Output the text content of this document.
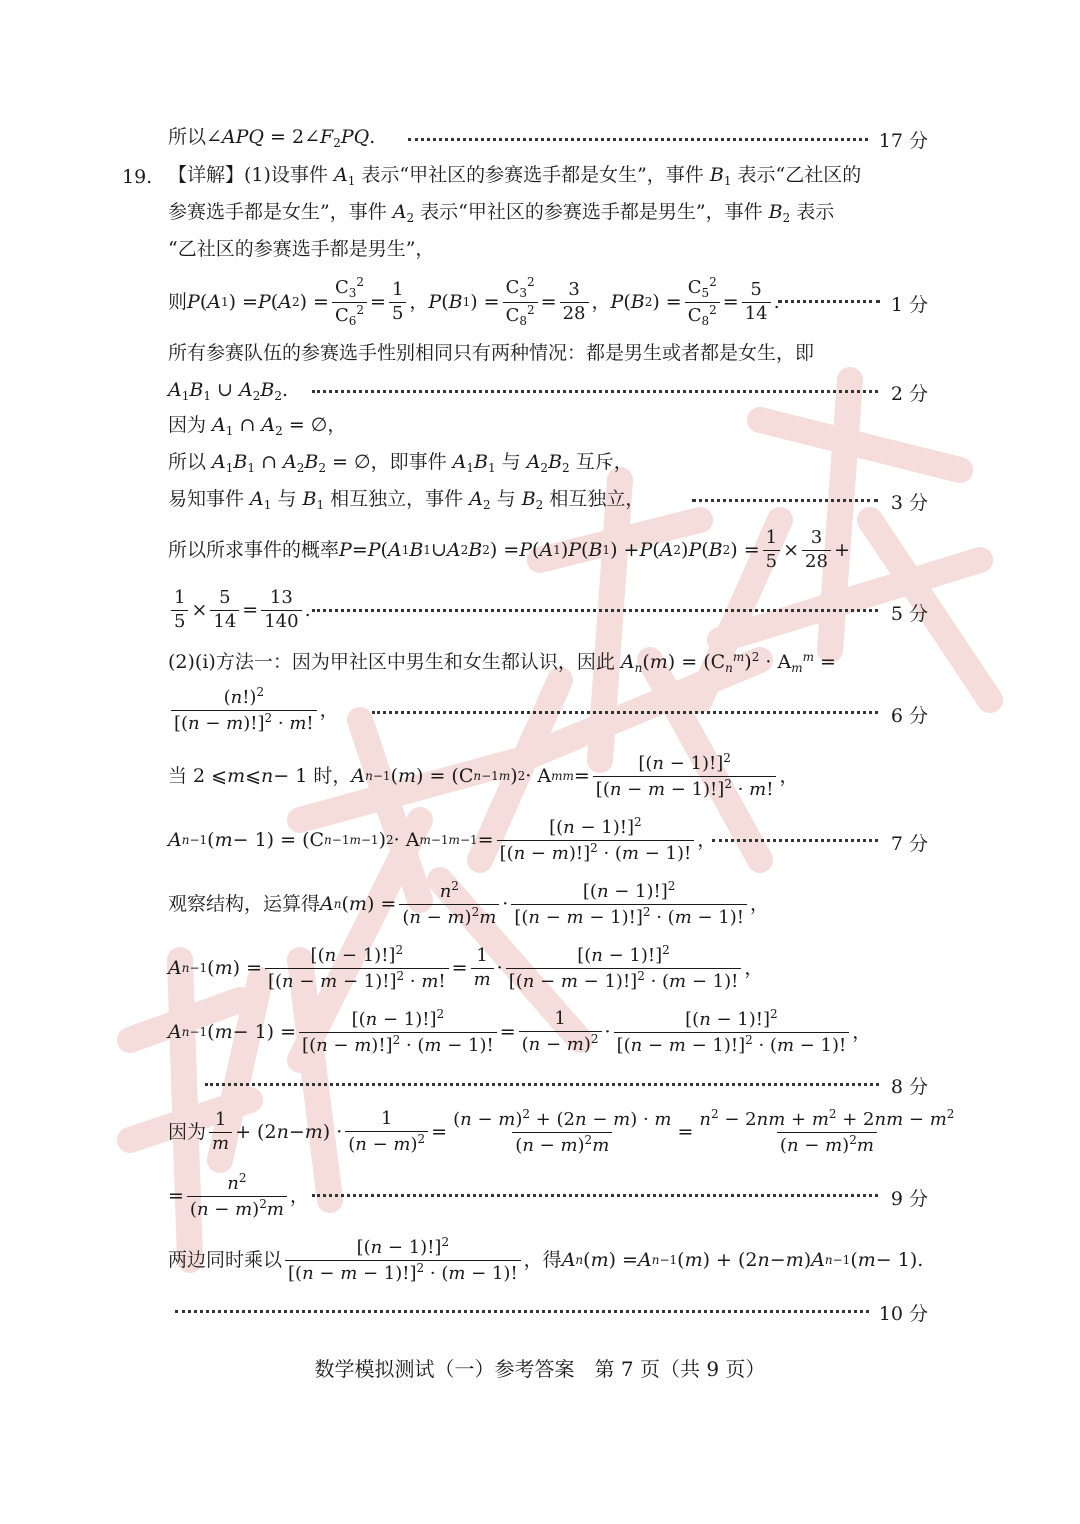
所以∠APQ = $2\angle F_2PQ$.	17 分
19. 【详解】(1)设事件 $A_1$ 表示“甲社区的参赛选手都是女生”，事件 $B_1$ 表示“乙社区的
参赛选手都是女生”，事件 $A_2$ 表示“甲社区的参赛选手都是男生”，事件 $B_2$ 表示
“乙社区的参赛选手都是男生”，
则 P ( A 1 ) = P ( A 2 ) = $\frac{C_3^2}{C_6^2} = \frac{1}{5}$ ， P ( B 1 ) = $\frac{C_3^2}{C_8^2} = \frac{3}{28}$ ， P ( B 2 ) = $\frac{C_5^2}{C_8^2} = \frac{5}{14}$ .	1 分
所有参赛队伍的参赛选手性别相同只有两种情况：都是男生或者都是女生，即
$A_1B_1$ ∪ $A_2B_2$.	2 分
因为 $A_1$ ∩ $A_2$ = ∅，
所以 $A_1B_1$ ∩ $A_2B_2$ = ∅，即事件 $A_1B_1$ 与 $A_2B_2$ 互斥，
易知事件 $A_1$ 与 $B_1$ 相互独立，事件 $A_2$ 与 $B_2$ 相互独立，	3 分
所以所求事件的概率 P = P ( A 1 B 1 ∪ A 2 B 2 ) = P ( A 1 ) P ( B 1 ) + P ( A 2 ) P ( B 2 ) = $\frac{1}{5} \times \frac{3}{28}$ +
$\frac{1}{5} \times \frac{5}{14} = \frac{13}{140}$ .	5 分
(2)(i)方法一：因为甲社区中男生和女生都认识，因此 $A_n(m) = (C_n^m)^2 \cdot A_m^m$ =
$\frac{(n!)^2}{[(n - m)!]^2 \cdot m!}$ ，	6 分
当 2 ⩽ m ⩽ n − 1 时， A n−1 ( m ) = (C n−1 m ) 2 · A m $m = \frac{[(n - 1)!]^2}{[(n - m - 1)!]^2 \cdot m!}$ ，
A n−1 ( m − 1) = (C n−1 m−1 ) 2 · A m−1 $m-1 = \frac{[(n - 1)!]^2}{[(n - m)!]^2 \cdot (m - 1)!}$ ，	7 分
观察结构，运算得 A n ( m ) = $\frac{n^2}{(n - m)^2m} \cdot \frac{[(n - 1)!]^2}{[(n - m - 1)!]^2 \cdot (m - 1)!}$ ，
A n−1 ( m ) = $\frac{[(n - 1)!]^2}{[(n - m - 1)!]^2 \cdot m!} = \frac{1}{m} \cdot \frac{[(n - 1)!]^2}{[(n - m - 1)!]^2 \cdot (m - 1)!}$ ，
A n−1 ( $m - 1) = \frac{[(n - 1)!]^2}{[(n - m)!]^2 \cdot (m - 1)!} = \frac{1}{(n - m)^2} \cdot \frac{[(n - 1)!]^2}{[(n - m - 1)!]^2 \cdot (m - 1)!}$ ，
8 分
因为 $\frac{1}{m} + (2$ n − m ) · $\frac{1}{(n - m)^2} = \frac{(n - m)^2 + (2n - m) \cdot m}{(n - m)^2m} = \frac{n^2 - 2nm + m^2 + 2nm - m^2}{(n - m)^2m}$
= $\frac{n^2}{(n - m)^2m}$ ，	9 分
两边同时乘以 $\frac{[(n - 1)!]^2}{[(n - m - 1)!]^2 \cdot (m - 1)!}$ ，得 A n ( m ) = A n−1 ( m ) + (2 n − m ) A n−1 ( m − 1).
10 分
数学模拟测试（一）参考答案　第 7 页（共 9 页）
